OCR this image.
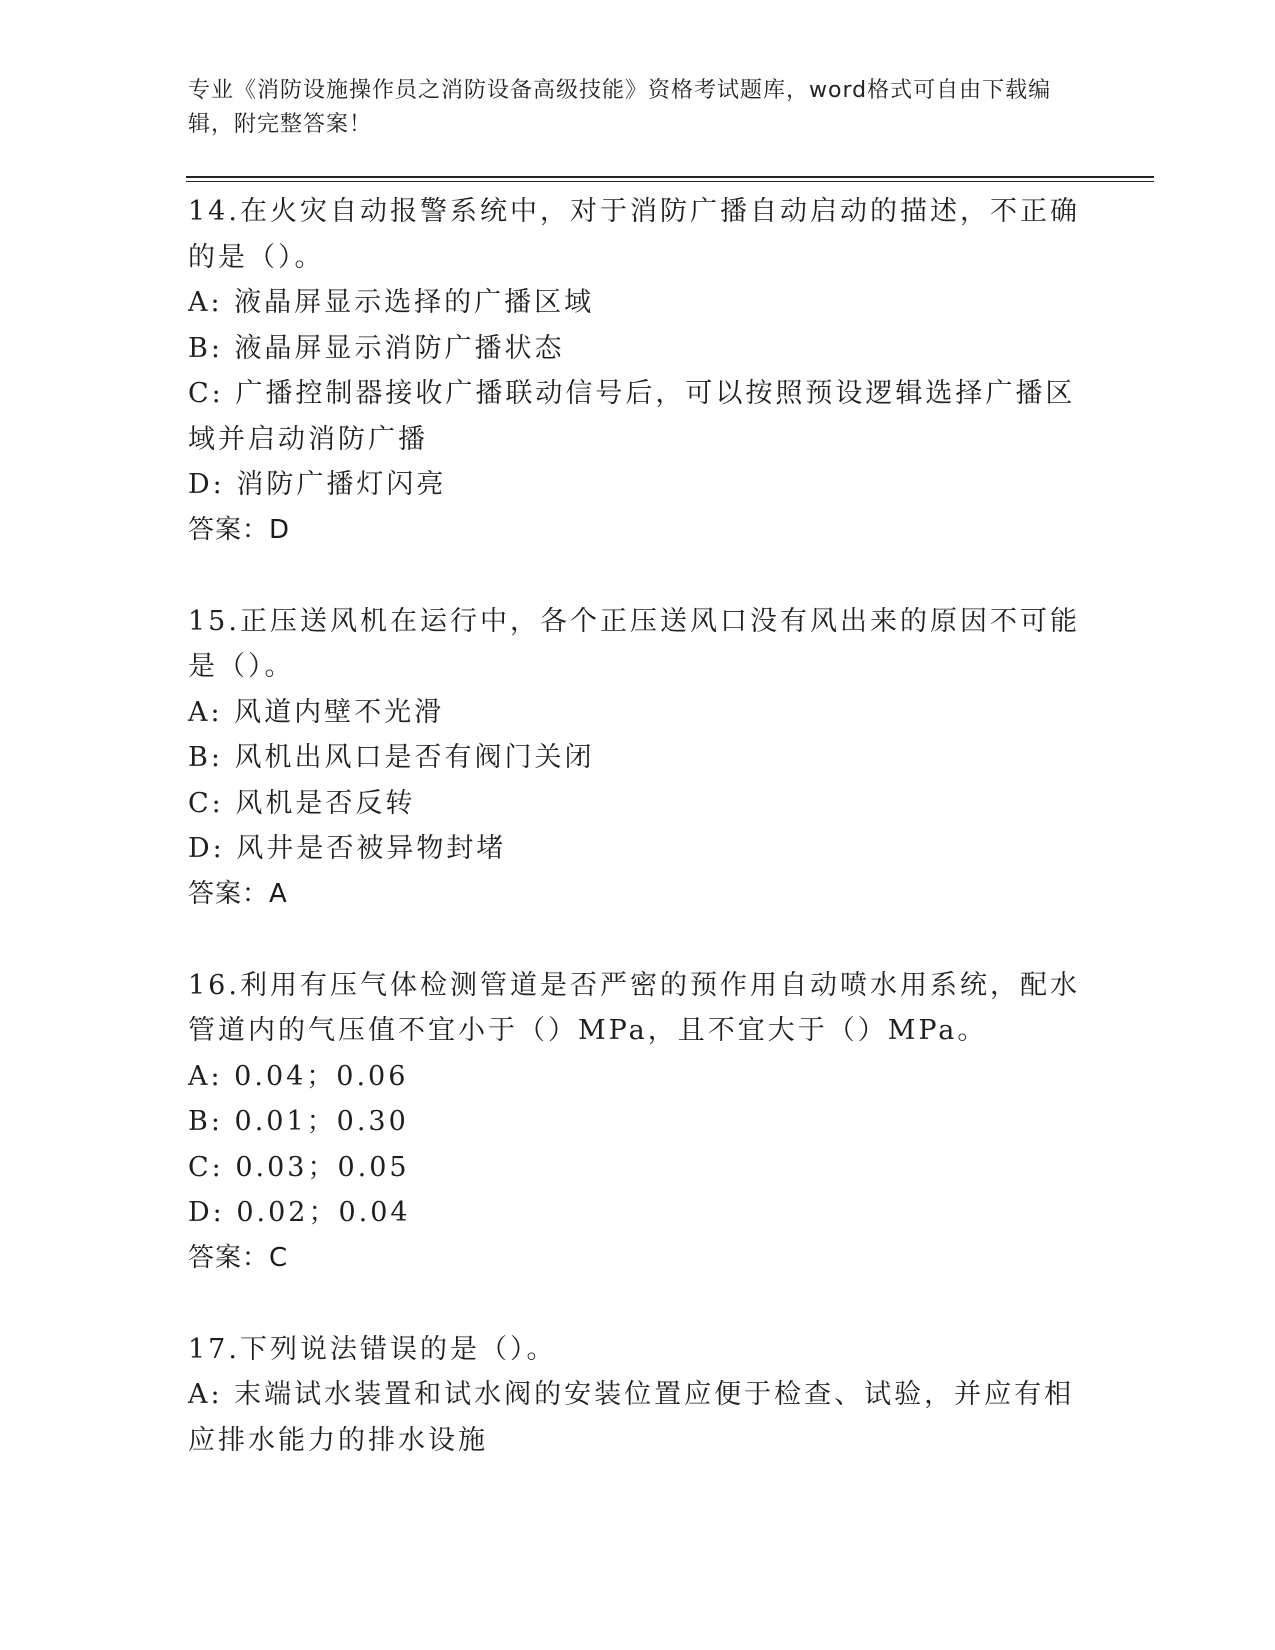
专业《消防设施操作员之消防设备高级技能》资格考试题库，word格式可自由下载编辑，附完整答案！

14.在火灾自动报警系统中，对于消防广播自动启动的描述，不正确的是（）。

A: 液晶屏显示选择的广播区域

B: 液晶屏显示消防广播状态

C: 广播控制器接收广播联动信号后，可以按照预设逻辑选择广播区域并启动消防广播

D: 消防广播灯闪亮

答案：D

15.正压送风机在运行中，各个正压送风口没有风出来的原因不可能是（）。

A: 风道内壁不光滑

B: 风机出风口是否有阀门关闭

C: 风机是否反转

D: 风井是否被异物封堵

答案：A

16.利用有压气体检测管道是否严密的预作用自动喷水用系统，配水管道内的气压值不宜小于（）MPa，且不宜大于（）MPa。

A: 0.04；0.06

B: 0.01；0.30

C: 0.03；0.05

D: 0.02；0.04

答案：C

17.下列说法错误的是（）。

A: 末端试水装置和试水阀的安装位置应便于检查、试验，并应有相应排水能力的排水设施
